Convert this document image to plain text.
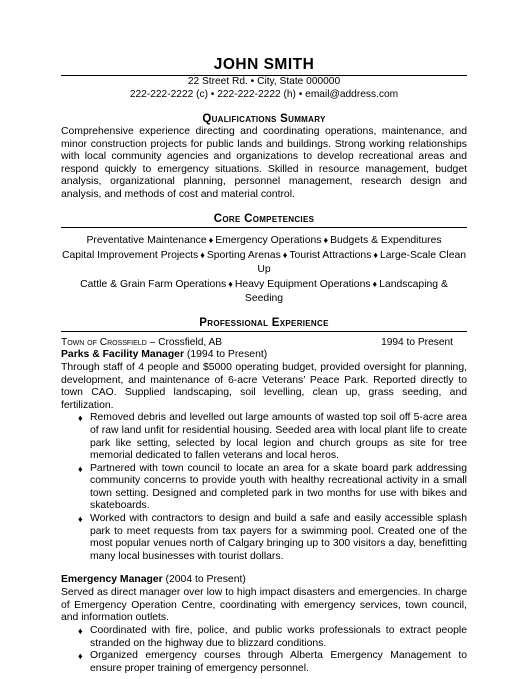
JOHN SMITH
22 Street Rd. • City, State 000000
222-222-2222 (c) • 222-222-2222 (h) • email@address.com
Qualifications Summary

Comprehensive experience directing and coordinating operations, maintenance, and minor construction projects for public lands and buildings. Strong working relationships with local community agencies and organizations to develop recreational areas and respond quickly to emergency situations. Skilled in resource management, budget analysis, organizational planning, personnel management, research design and analysis, and methods of cost and material control.

Core Competencies
Preventative Maintenance ♦ Emergency Operations ♦ Budgets & Expenditures
Capital Improvement Projects ♦ Sporting Arenas ♦ Tourist Attractions ♦ Large-Scale Clean Up
Cattle & Grain Farm Operations ♦ Heavy Equipment Operations ♦ Landscaping & Seeding
Professional Experience
Town of Crossfield – Crossfield, AB	1994 to Present
Parks & Facility Manager (1994 to Present)

Through staff of 4 people and $5000 operating budget, provided oversight for planning, development, and maintenance of 6-acre Veterans’ Peace Park. Reported directly to town CAO. Supplied landscaping, soil levelling, clean up, grass seeding, and fertilization.

♦ Removed debris and levelled out large amounts of wasted top soil off 5-acre area of raw land unfit for residential housing. Seeded area with local plant life to create park like setting, selected by local legion and church groups as site for tree memorial dedicated to fallen veterans and local heros.
♦ Partnered with town council to locate an area for a skate board park addressing community concerns to provide youth with healthy recreational activity in a small town setting. Designed and completed park in two months for use with bikes and skateboards.
♦ Worked with contractors to design and build a safe and easily accessible splash park to meet requests from tax payers for a swimming pool. Created one of the most popular venues north of Calgary bringing up to 300 visitors a day, benefitting many local businesses with tourist dollars.
Emergency Manager (2004 to Present)

Served as direct manager over low to high impact disasters and emergencies. In charge of Emergency Operation Centre, coordinating with emergency services, town council, and information outlets.

♦ Coordinated with fire, police, and public works professionals to extract people stranded on the highway due to blizzard conditions.
♦ Organized emergency courses through Alberta Emergency Management to ensure proper training of emergency personnel.
